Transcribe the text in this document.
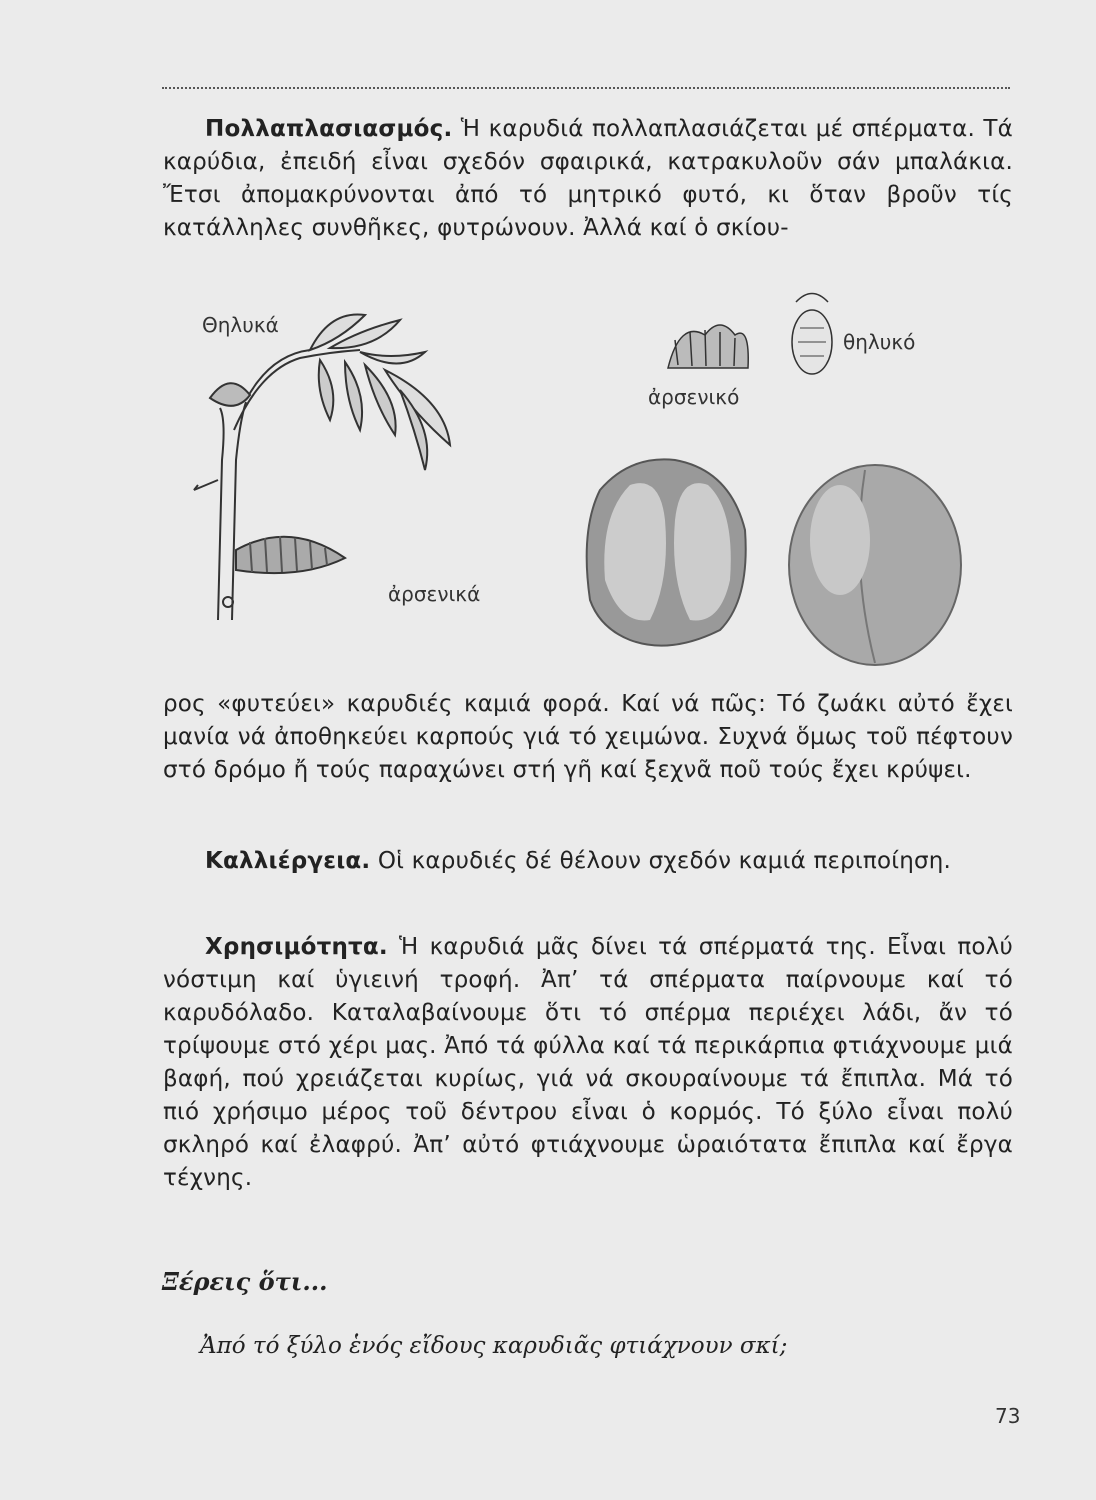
Πολλαπλασιασμός. Ἡ καρυδιά πολλαπλασιάζεται μέ σπέρματα. Τά καρύδια, ἐπειδή εἶναι σχεδόν σφαιρικά, κατρακυλοῦν σάν μπαλάκια. Ἔτσι ἀπομακρύνονται ἀπό τό μητρικό φυτό, κι ὅταν βροῦν τίς κατάλληλες συνθῆκες, φυτρώνουν. Ἀλλά καί ὁ σκίου-

Θηλυκά
ἀρσενικά
ἀρσενικό
θηλυκό

ρος «φυτεύει» καρυδιές καμιά φορά. Καί νά πῶς: Τό ζωάκι αὐτό ἔχει μανία νά ἀποθηκεύει καρπούς γιά τό χειμώνα. Συχνά ὅμως τοῦ πέφτουν στό δρόμο ἤ τούς παραχώνει στή γῆ καί ξεχνᾶ ποῦ τούς ἔχει κρύψει.

Καλλιέργεια. Οἱ καρυδιές δέ θέλουν σχεδόν καμιά περιποίηση.

Χρησιμότητα. Ἡ καρυδιά μᾶς δίνει τά σπέρματά της. Εἶναι πολύ νόστιμη καί ὑγιεινή τροφή. Ἀπ’ τά σπέρματα παίρνουμε καί τό καρυδόλαδο. Καταλαβαίνουμε ὅτι τό σπέρμα περιέχει λάδι, ἄν τό τρίψουμε στό χέρι μας. Ἀπό τά φύλλα καί τά περικάρπια φτιάχνουμε μιά βαφή, πού χρειάζεται κυρίως, γιά νά σκουραίνουμε τά ἔπιπλα. Μά τό πιό χρήσιμο μέρος τοῦ δέντρου εἶναι ὁ κορμός. Τό ξύλο εἶναι πολύ σκληρό καί ἐλαφρύ. Ἀπ’ αὐτό φτιάχνουμε ὡραιότατα ἔπιπλα καί ἔργα τέχνης.

Ξέρεις ὅτι...
Ἀπό τό ξύλο ἑνός εἴδους καρυδιᾶς φτιάχνουν σκί;
73
